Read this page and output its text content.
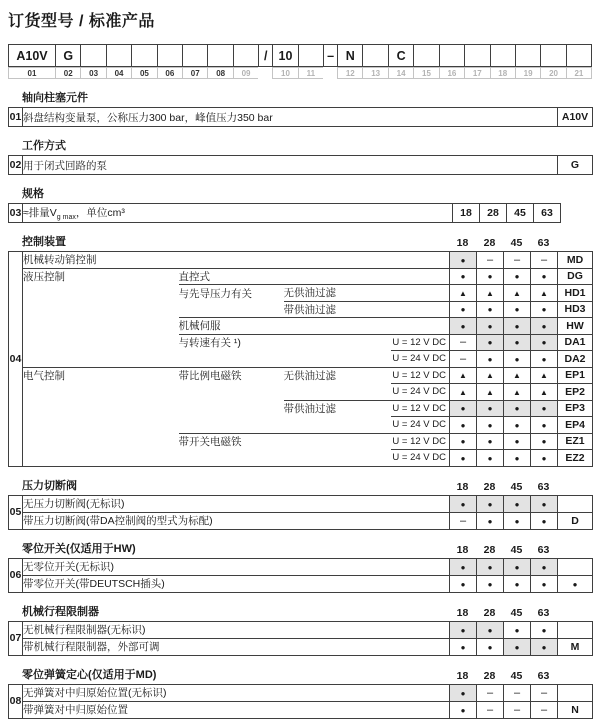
订货型号 / 标准产品
A10V	G	/ 10	– N	C
01	02	03	04	05	06	07	08	09	10	11	12	13	14	15	16	17	18	19	20	21
轴向柱塞元件
01	斜盘结构变量泵，公称压力300 bar，峰值压力350 bar	A10V
工作方式
02	用于闭式回路的泵	G
规格
03	≈排量$V_{g max}$，单位cm³	18	28	45	63
控制装置	18	28	45	63
04	机械转动销控制				●	–	–	–	MD
	液压控制	直控式			●	●	●	●	DG
		与先导压力有关	无供油过滤		▲	▲	▲	▲	HD1
			带供油过滤		●	●	●	●	HD3
		机械伺服			●	●	●	●	HW
		与转速有关 ¹)		U = 12 V DC	–	●	●	●	DA1
				U = 24 V DC	–	●	●	●	DA2
	电气控制	带比例电磁铁	无供油过滤	U = 12 V DC	▲	▲	▲	▲	EP1
				U = 24 V DC	▲	▲	▲	▲	EP2
			带供油过滤	U = 12 V DC	●	●	●	●	EP3
				U = 24 V DC	●	●	●	●	EP4
		带开关电磁铁		U = 12 V DC	●	●	●	●	EZ1
				U = 24 V DC	●	●	●	●	EZ2
压力切断阀	18	28	45	63
05	无压力切断阀(无标识)	●	●	●	●	
	带压力切断阀(带DA控制阀的型式为标配)	–	●	●	●	D
零位开关(仅适用于HW)	18	28	45	63
06	无零位开关(无标识)	●	●	●	●	
	带零位开关(带DEUTSCH插头)	●	●	●	●	●
机械行程限制器	18	28	45	63
07	无机械行程限制器(无标识)	●	●	●	●	
	带机械行程限制器，外部可调	●	●	●	●	M
零位弹簧定心(仅适用于MD)	18	28	45	63
08	无弹簧对中归原始位置(无标识)	●	–	–	–	
	带弹簧对中归原始位置	●	–	–	–	N
